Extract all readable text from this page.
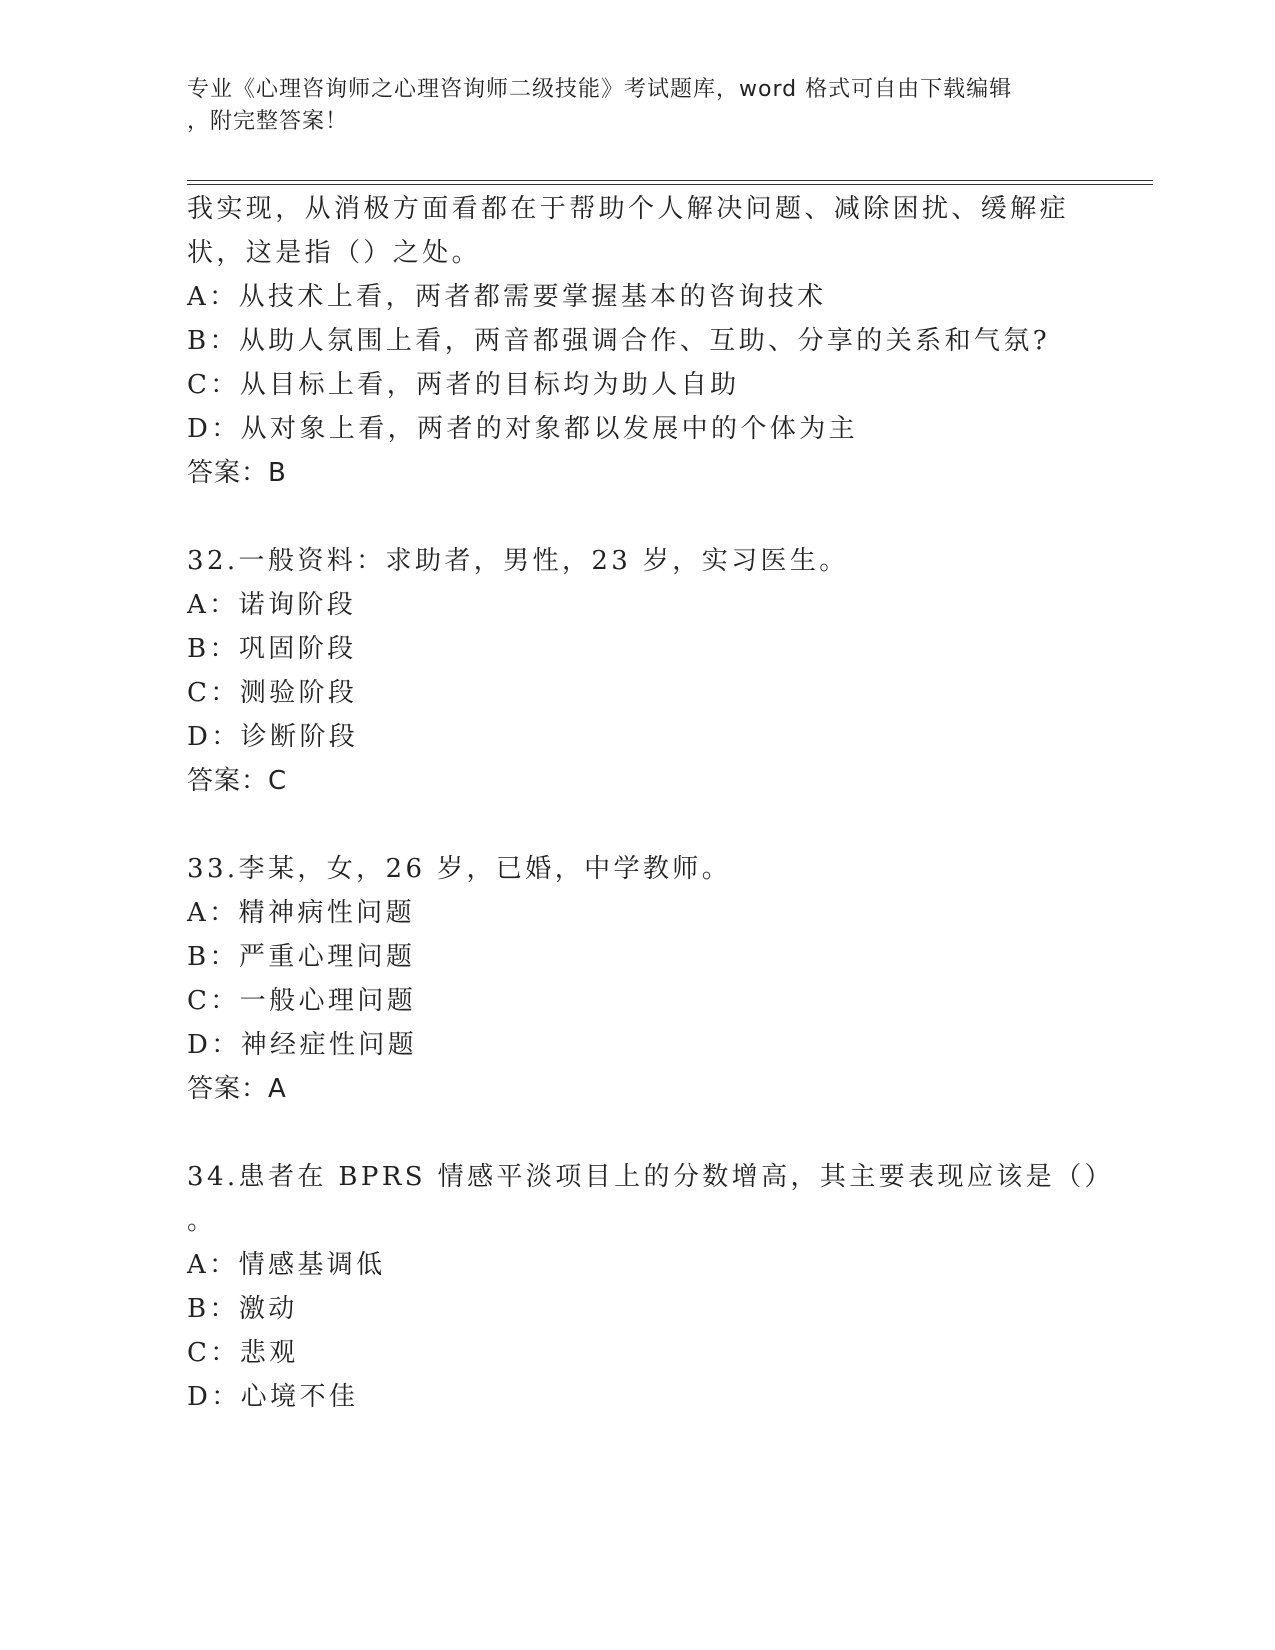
专业《心理咨询师之心理咨询师二级技能》考试题库，word 格式可自由下载编辑
，附完整答案！
我实现，从消极方面看都在于帮助个人解决问题、减除困扰、缓解症
状，这是指（）之处。
A：从技术上看，两者都需要掌握基本的咨询技术
B：从助人氛围上看，两音都强调合作、互助、分享的关系和气氛?
C：从目标上看，两者的目标均为助人自助
D：从对象上看，两者的对象都以发展中的个体为主
答案：B
32.一般资料：求助者，男性，23 岁，实习医生。
A：诺询阶段
B：巩固阶段
C：测验阶段
D：诊断阶段
答案：C
33.李某，女，26 岁，已婚，中学教师。
A：精神病性问题
B：严重心理问题
C：一般心理问题
D：神经症性问题
答案：A
34.患者在 BPRS 情感平淡项目上的分数增高，其主要表现应该是（）
。
A：情感基调低
B：激动
C：悲观
D：心境不佳
